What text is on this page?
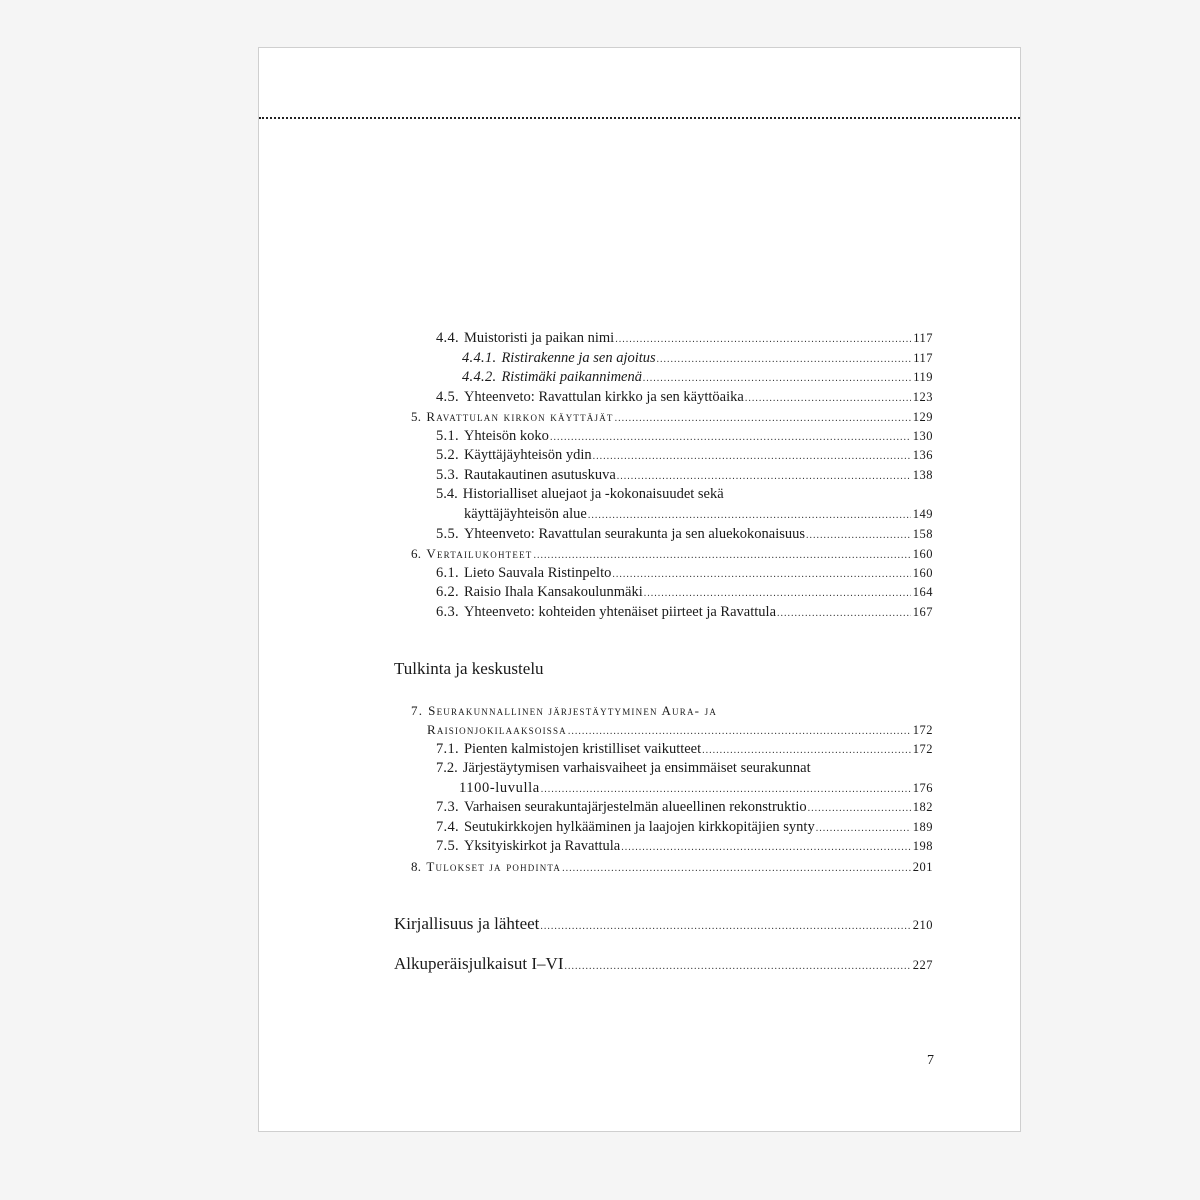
4.4. Muistoristi ja paikan nimi .....	117
4.4.1. Ristirakenne ja sen ajoitus .....	117
4.4.2. Ristimäki paikannimenä .....	119
4.5. Yhteenveto: Ravattulan kirkko ja sen käyttöaika .....	123
5. Ravattulan kirkon käyttäjät .....	129
5.1. Yhteisön koko .....	130
5.2. Käyttäjäyhteisön ydin .....	136
5.3. Rautakautinen asutuskuva .....	138
5.4. Historialliset aluejaot ja -kokonaisuudet sekä
käyttäjäyhteisön alue .....	149
5.5. Yhteenveto: Ravattulan seurakunta ja sen aluekokonaisuus .....	158
6. Vertailukohteet .....	160
6.1. Lieto Sauvala Ristinpelto .....	160
6.2. Raisio Ihala Kansakoulunmäki .....	164
6.3. Yhteenveto: kohteiden yhtenäiset piirteet ja Ravattula .....	167
Tulkinta ja keskustelu
7. Seurakunnallinen järjestäytyminen Aura- ja
Raisionjokilaaksoissa .....	172
7.1. Pienten kalmistojen kristilliset vaikutteet .....	172
7.2. Järjestäytymisen varhaisvaiheet ja ensimmäiset seurakunnat
1100-luvulla .....	176
7.3. Varhaisen seurakuntajärjestelmän alueellinen rekonstruktio .....	182
7.4. Seutukirkkojen hylkääminen ja laajojen kirkkopitäjien synty .....	189
7.5. Yksityiskirkot ja Ravattula .....	198
8. Tulokset ja pohdinta .....	201
Kirjallisuus ja lähteet .....	210
Alkuperäisjulkaisut I–VI .....	227
7
